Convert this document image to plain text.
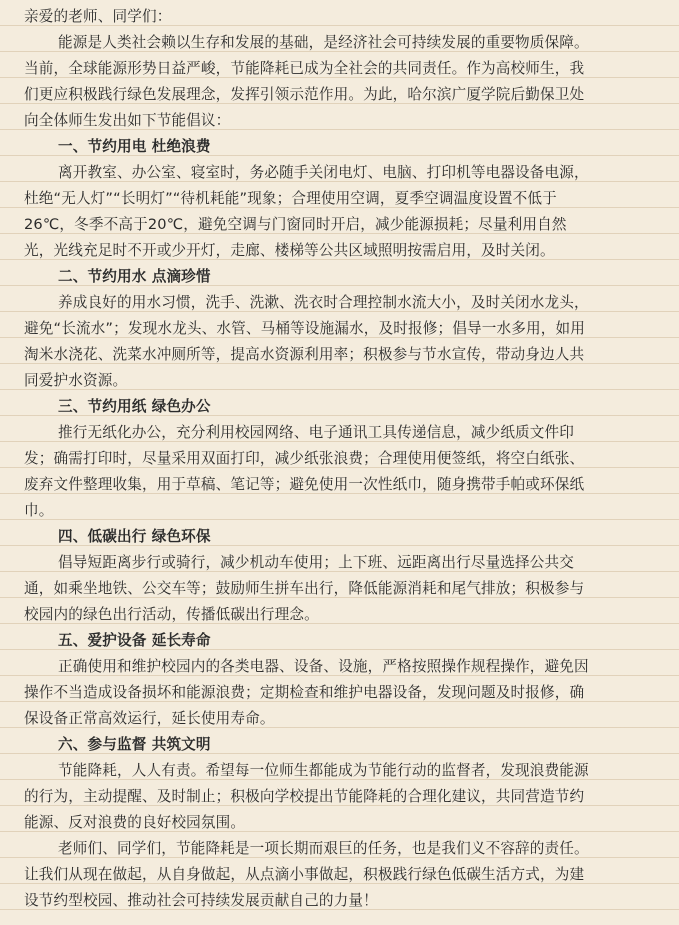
亲爱的老师、同学们：
能源是人类社会赖以生存和发展的基础，是经济社会可持续发展的重要物质保障。
当前，全球能源形势日益严峻，节能降耗已成为全社会的共同责任。作为高校师生，我
们更应积极践行绿色发展理念，发挥引领示范作用。为此，哈尔滨广厦学院后勤保卫处
向全体师生发出如下节能倡议：
一、节约用电 杜绝浪费
离开教室、办公室、寝室时，务必随手关闭电灯、电脑、打印机等电器设备电源，
杜绝“无人灯”“长明灯”“待机耗能”现象；合理使用空调，夏季空调温度设置不低于
26℃，冬季不高于20℃，避免空调与门窗同时开启，减少能源损耗；尽量利用自然
光，光线充足时不开或少开灯，走廊、楼梯等公共区域照明按需启用，及时关闭。
二、节约用水 点滴珍惜
养成良好的用水习惯，洗手、洗漱、洗衣时合理控制水流大小，及时关闭水龙头，
避免“长流水”；发现水龙头、水管、马桶等设施漏水，及时报修；倡导一水多用，如用
淘米水浇花、洗菜水冲厕所等，提高水资源利用率；积极参与节水宣传，带动身边人共
同爱护水资源。
三、节约用纸 绿色办公
推行无纸化办公，充分利用校园网络、电子通讯工具传递信息，减少纸质文件印
发；确需打印时，尽量采用双面打印，减少纸张浪费；合理使用便签纸，将空白纸张、
废弃文件整理收集，用于草稿、笔记等；避免使用一次性纸巾，随身携带手帕或环保纸
巾。
四、低碳出行 绿色环保
倡导短距离步行或骑行，减少机动车使用；上下班、远距离出行尽量选择公共交
通，如乘坐地铁、公交车等；鼓励师生拼车出行，降低能源消耗和尾气排放；积极参与
校园内的绿色出行活动，传播低碳出行理念。
五、爱护设备 延长寿命
正确使用和维护校园内的各类电器、设备、设施，严格按照操作规程操作，避免因
操作不当造成设备损坏和能源浪费；定期检查和维护电器设备，发现问题及时报修，确
保设备正常高效运行，延长使用寿命。
六、参与监督 共筑文明
节能降耗，人人有责。希望每一位师生都能成为节能行动的监督者，发现浪费能源
的行为，主动提醒、及时制止；积极向学校提出节能降耗的合理化建议，共同营造节约
能源、反对浪费的良好校园氛围。
老师们、同学们，节能降耗是一项长期而艰巨的任务，也是我们义不容辞的责任。
让我们从现在做起，从自身做起，从点滴小事做起，积极践行绿色低碳生活方式，为建
设节约型校园、推动社会可持续发展贡献自己的力量！
